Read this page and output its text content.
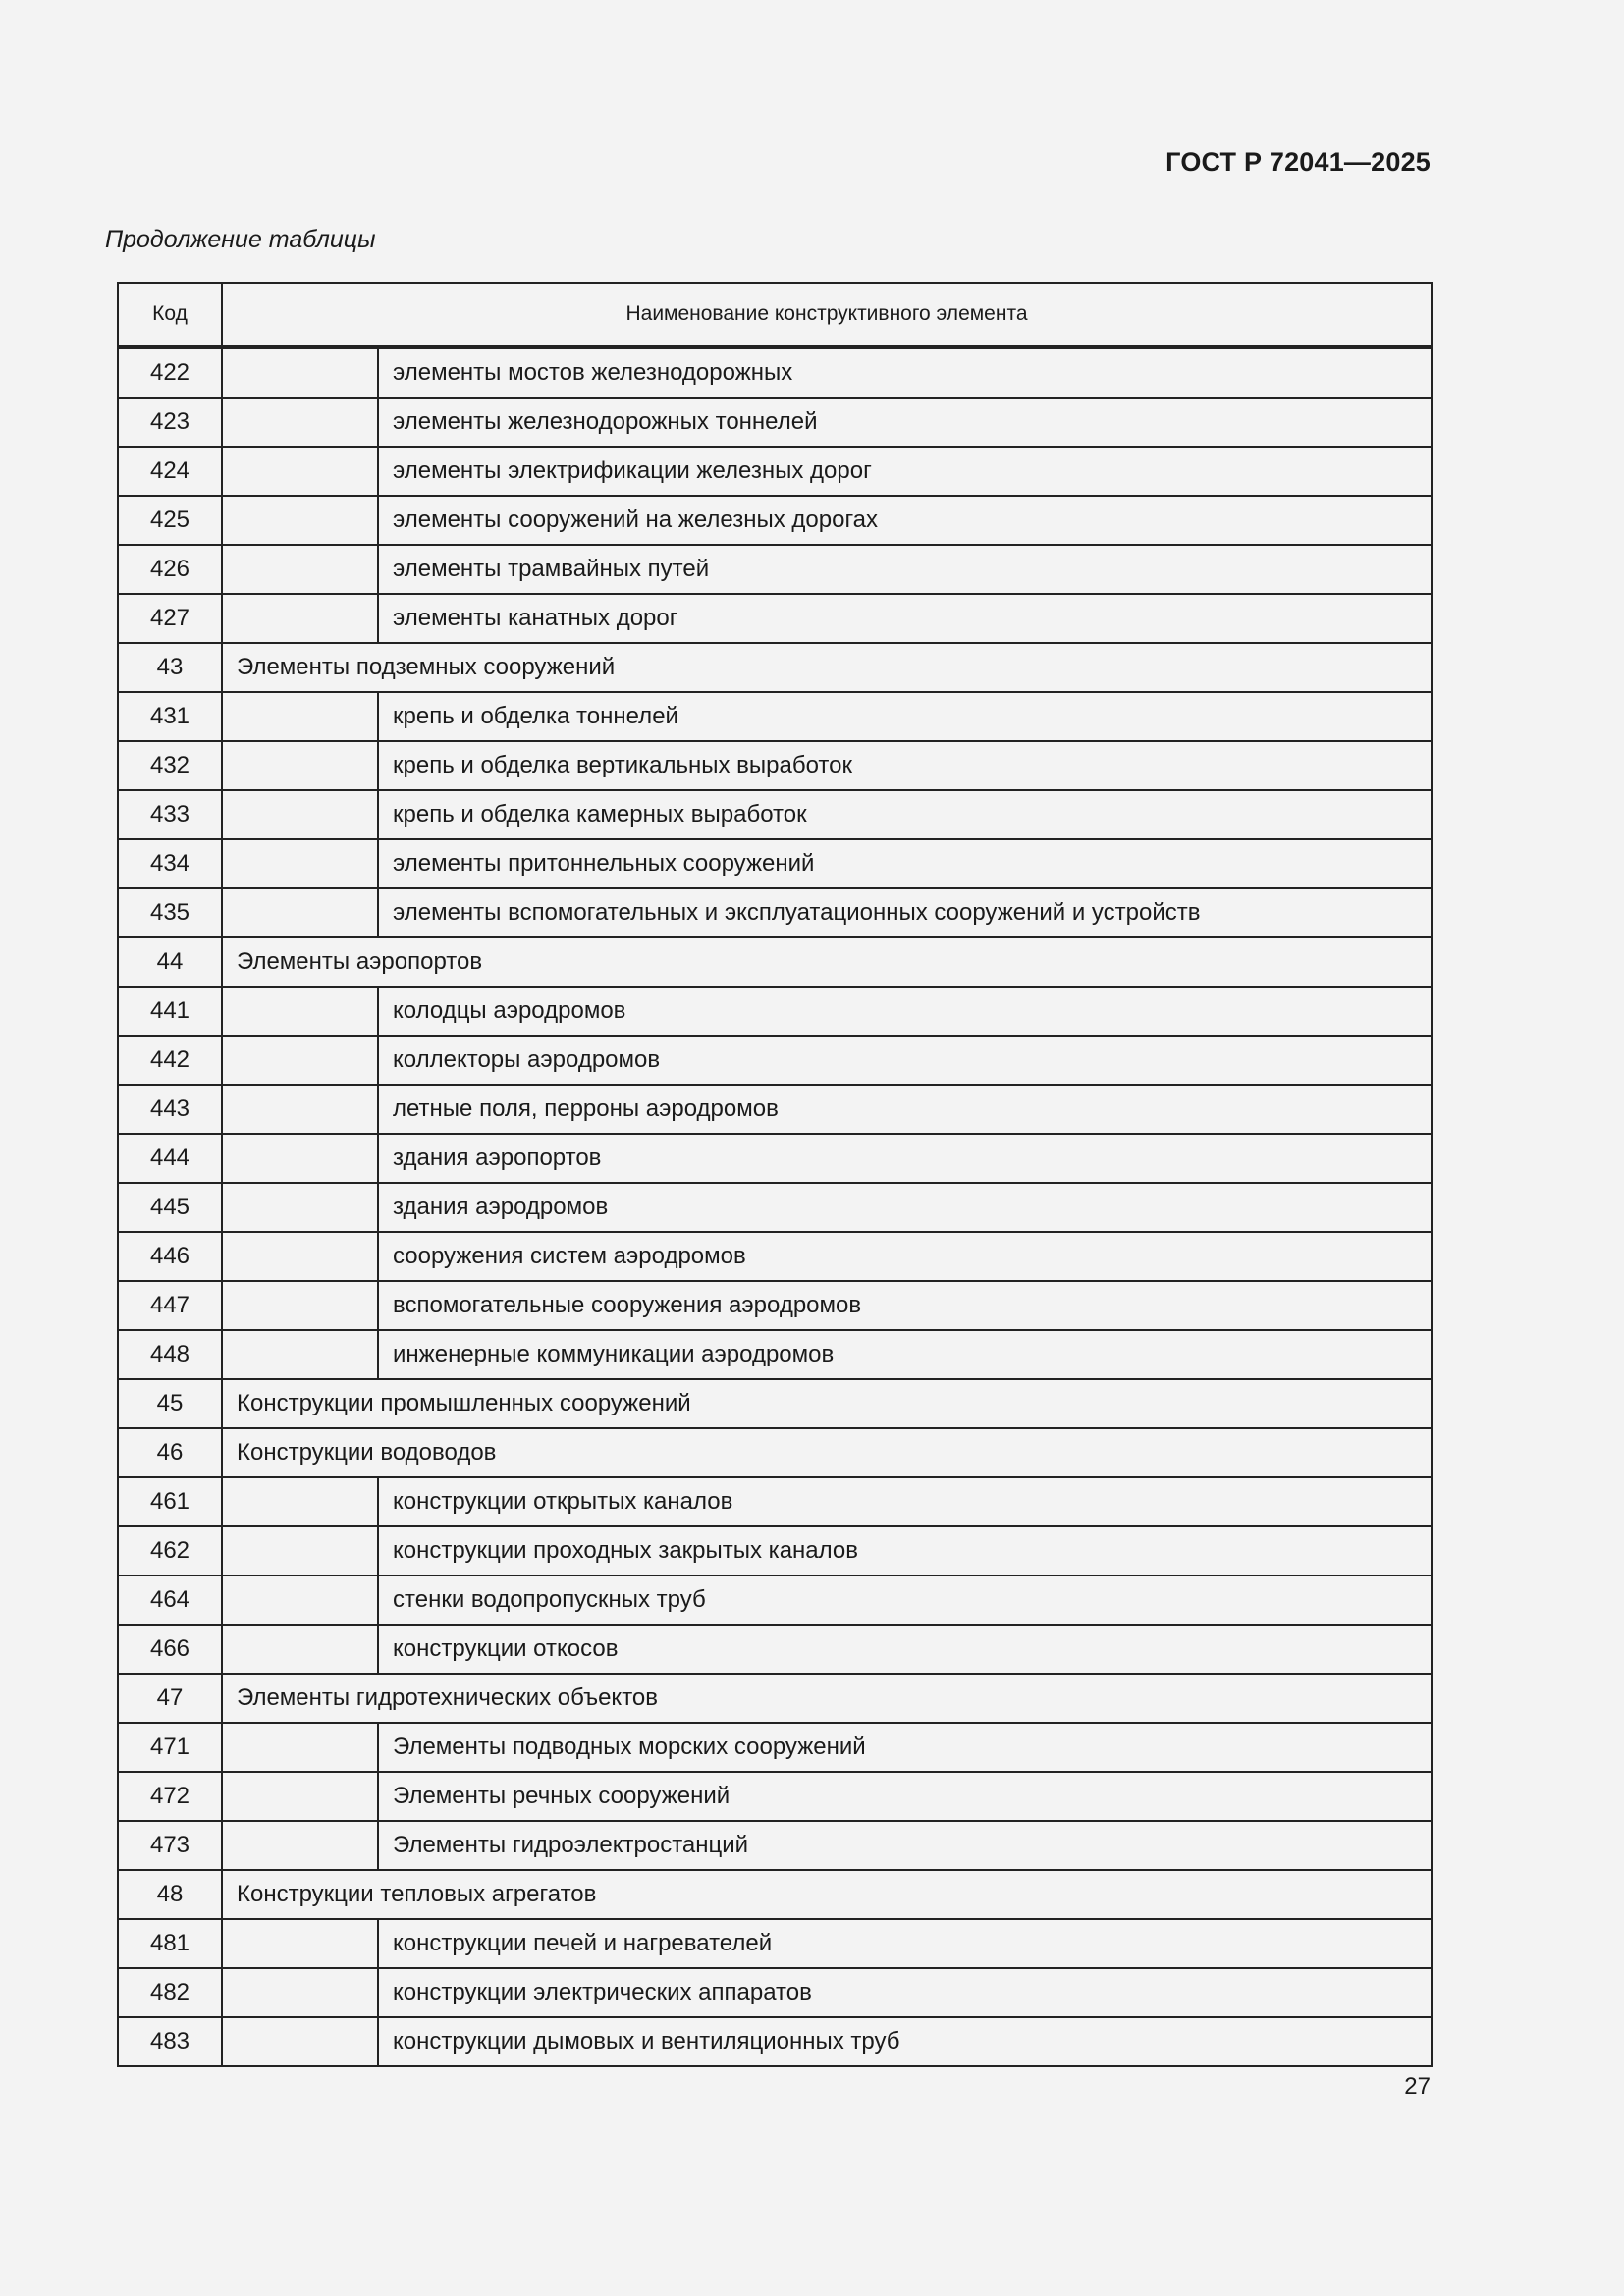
ГОСТ Р 72041—2025
Продолжение таблицы
Код	Наименование конструктивного элемента	
422		элементы мостов железнодорожных
423		элементы железнодорожных тоннелей
424		элементы электрификации железных дорог
425		элементы сооружений на железных дорогах
426		элементы трамвайных путей
427		элементы канатных дорог
43	Элементы подземных сооружений	
431		крепь и обделка тоннелей
432		крепь и обделка вертикальных выработок
433		крепь и обделка камерных выработок
434		элементы притоннельных сооружений
435		элементы вспомогательных и эксплуатационных сооружений и устройств
44	Элементы аэропортов	
441		колодцы аэродромов
442		коллекторы аэродромов
443		летные поля, перроны аэродромов
444		здания аэропортов
445		здания аэродромов
446		сооружения систем аэродромов
447		вспомогательные сооружения аэродромов
448		инженерные коммуникации аэродромов
45	Конструкции промышленных сооружений	
46	Конструкции водоводов	
461		конструкции открытых каналов
462		конструкции проходных закрытых каналов
464		стенки водопропускных труб
466		конструкции откосов
47	Элементы гидротехнических объектов	
471		Элементы подводных морских сооружений
472		Элементы речных сооружений
473		Элементы гидроэлектростанций
48	Конструкции тепловых агрегатов	
481		конструкции печей и нагревателей
482		конструкции электрических аппаратов
483		конструкции дымовых и вентиляционных труб
27
